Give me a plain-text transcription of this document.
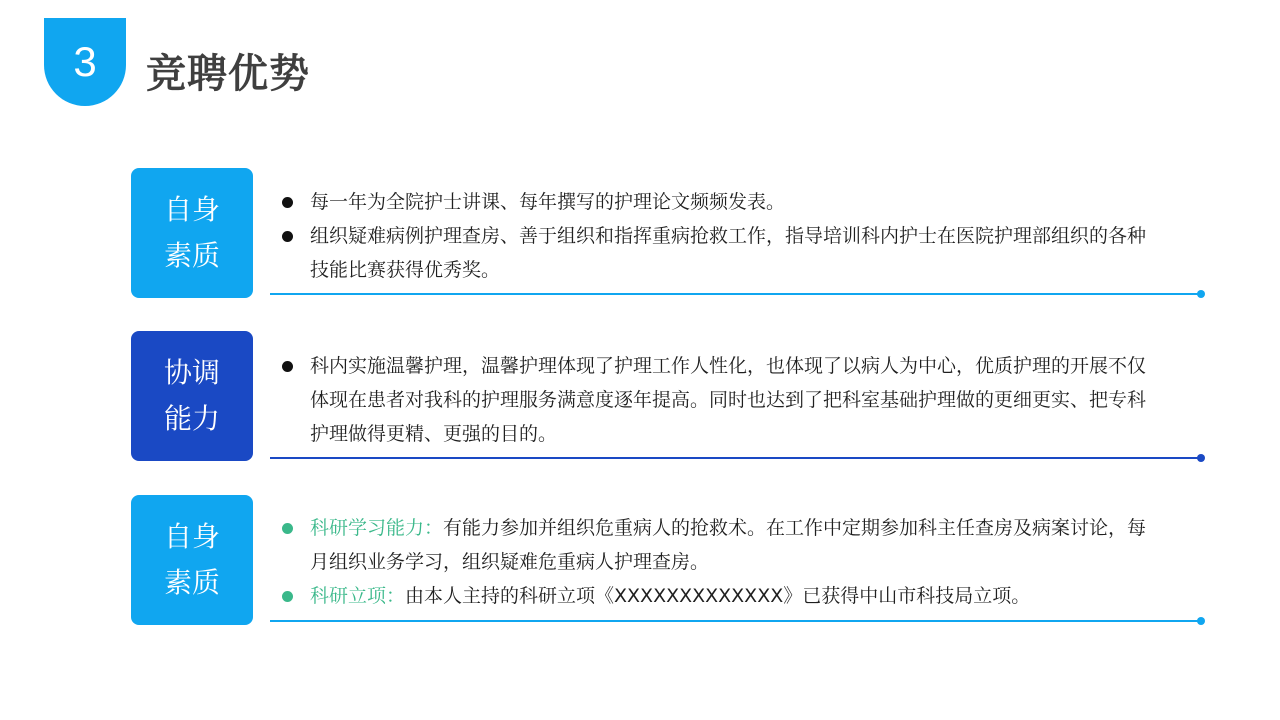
3 竞聘优势
自身
素质
每一年为全院护士讲课、每年撰写的护理论文频频发表。
组织疑难病例护理查房、善于组织和指挥重病抢救工作，指导培训科内护士在医院护理部组织的各种技能比赛获得优秀奖。
协调
能力
科内实施温馨护理，温馨护理体现了护理工作人性化，也体现了以病人为中心，优质护理的开展不仅体现在患者对我科的护理服务满意度逐年提高。同时也达到了把科室基础护理做的更细更实、把专科护理做得更精、更强的目的。
自身
素质
科研学习能力：有能力参加并组织危重病人的抢救术。在工作中定期参加科主任查房及病案讨论，每月组织业务学习，组织疑难危重病人护理查房。
科研立项：由本人主持的科研立项《XXXXXXXXXXXXX》已获得中山市科技局立项。
